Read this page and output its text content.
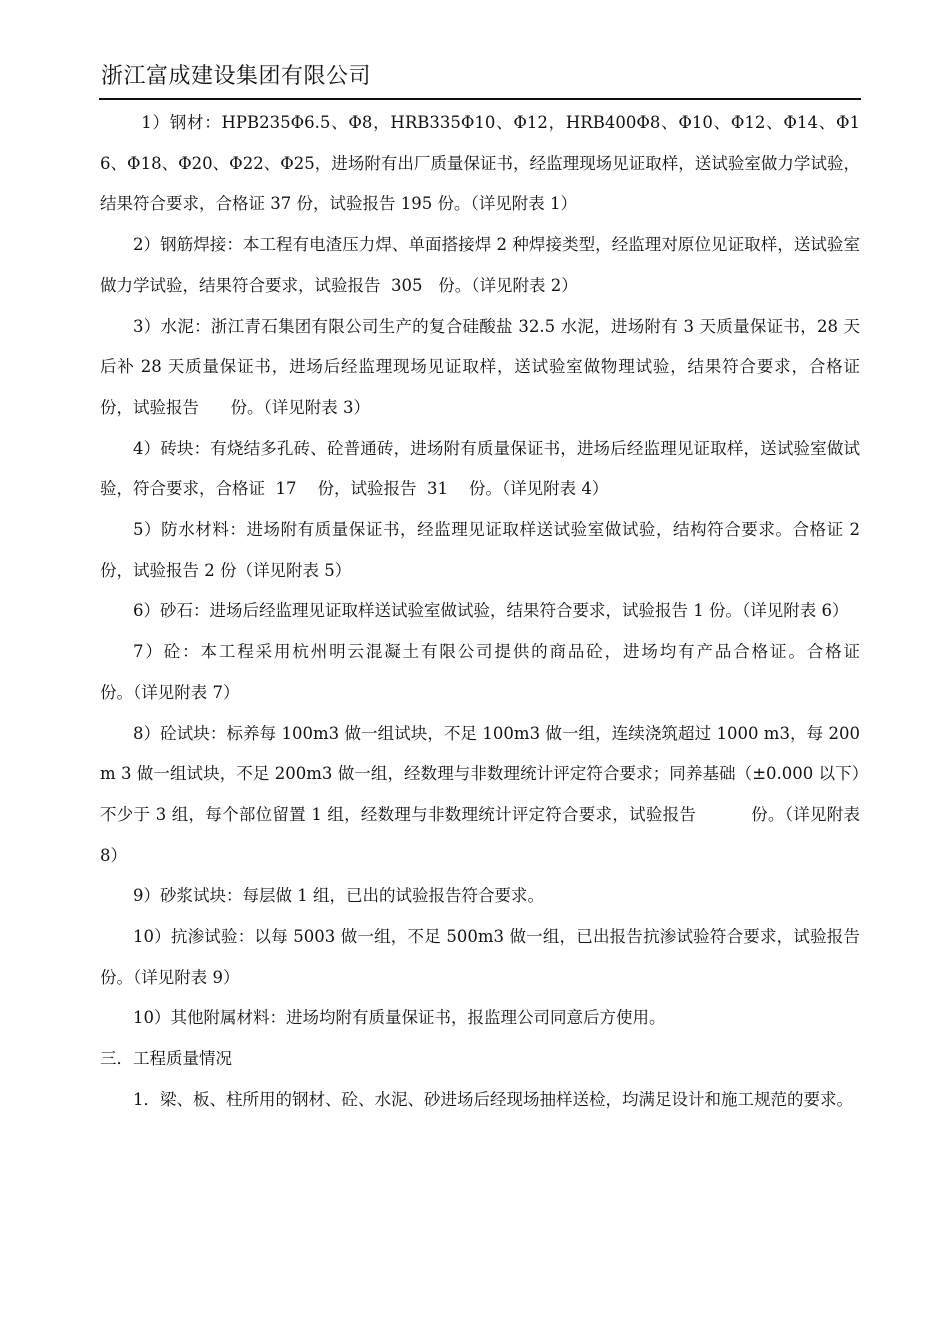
浙江富成建设集团有限公司

1）钢材：HPB235Φ6.5、Φ8，HRB335Φ10、Φ12，HRB400Φ8、Φ10、Φ12、Φ14、Φ16、Φ18、Φ20、Φ22、Φ25，进场附有出厂质量保证书，经监理现场见证取样，送试验室做力学试验，结果符合要求，合格证 37 份，试验报告 195 份。（详见附表 1）

2）钢筋焊接：本工程有电渣压力焊、单面搭接焊 2 种焊接类型，经监理对原位见证取样，送试验室做力学试验，结果符合要求，试验报告  305   份。（详见附表 2）

3）水泥：浙江青石集团有限公司生产的复合硅酸盐 32.5 水泥，进场附有 3 天质量保证书，28 天后补 28 天质量保证书，进场后经监理现场见证取样，送试验室做物理试验，结果符合要求，合格证      份，试验报告      份。（详见附表 3）

4）砖块：有烧结多孔砖、砼普通砖，进场附有质量保证书，进场后经监理见证取样，送试验室做试验，符合要求，合格证  17    份，试验报告  31    份。（详见附表 4）

5）防水材料：进场附有质量保证书，经监理见证取样送试验室做试验，结构符合要求。合格证 2 份，试验报告 2 份（详见附表 5）

6）砂石：进场后经监理见证取样送试验室做试验，结果符合要求，试验报告 1 份。（详见附表 6）

7）砼：本工程采用杭州明云混凝土有限公司提供的商品砼，进场均有产品合格证。合格证         份。（详见附表 7）

8）砼试块：标养每 100m3 做一组试块，不足 100m3 做一组，连续浇筑超过 1000 m3，每 200m 3 做一组试块，不足 200m3 做一组，经数理与非数理统计评定符合要求；同养基础（±0.000 以下）不少于 3 组，每个部位留置 1 组，经数理与非数理统计评定符合要求，试验报告          份。（详见附表 8）

9）砂浆试块：每层做 1 组，已出的试验报告符合要求。

10）抗渗试验：以每 5003 做一组，不足 500m3 做一组，已出报告抗渗试验符合要求，试验报告        份。（详见附表 9）

10）其他附属材料：进场均附有质量保证书，报监理公司同意后方使用。

三．工程质量情况

1．梁、板、柱所用的钢材、砼、水泥、砂进场后经现场抽样送检，均满足设计和施工规范的要求。
